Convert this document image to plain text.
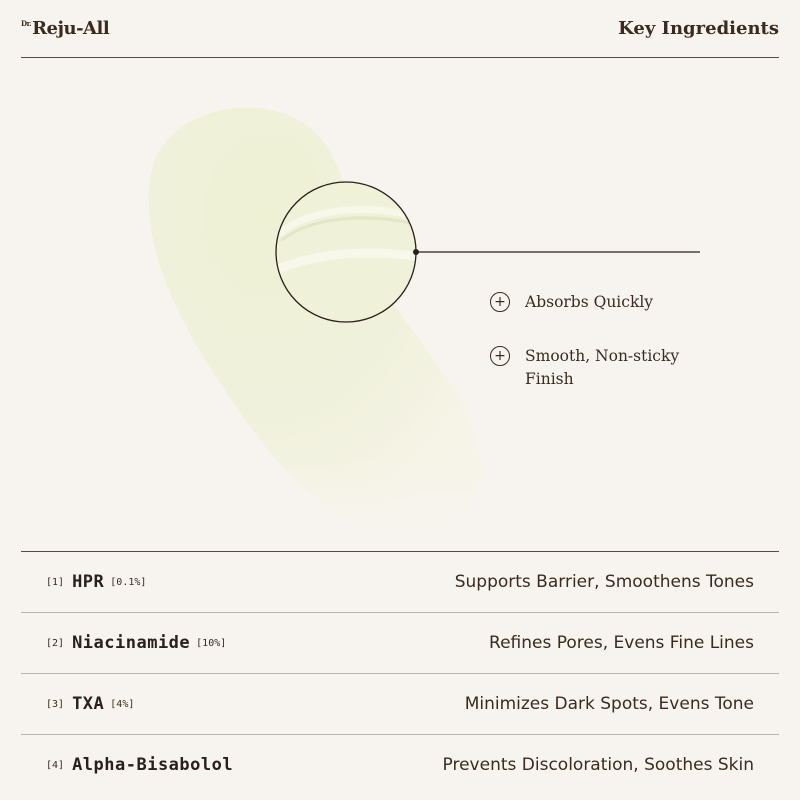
$^{Dr.}$Reju-All	Key Ingredients
+ Absorbs Quickly
+ Smooth, Non-sticky Finish
[1] HPR [0.1%]	Supports Barrier, Smoothens Tones
[2] Niacinamide [10%]	Refines Pores, Evens Fine Lines
[3] TXA [4%]	Minimizes Dark Spots, Evens Tone
[4] Alpha-Bisabolol	Prevents Discoloration, Soothes Skin
